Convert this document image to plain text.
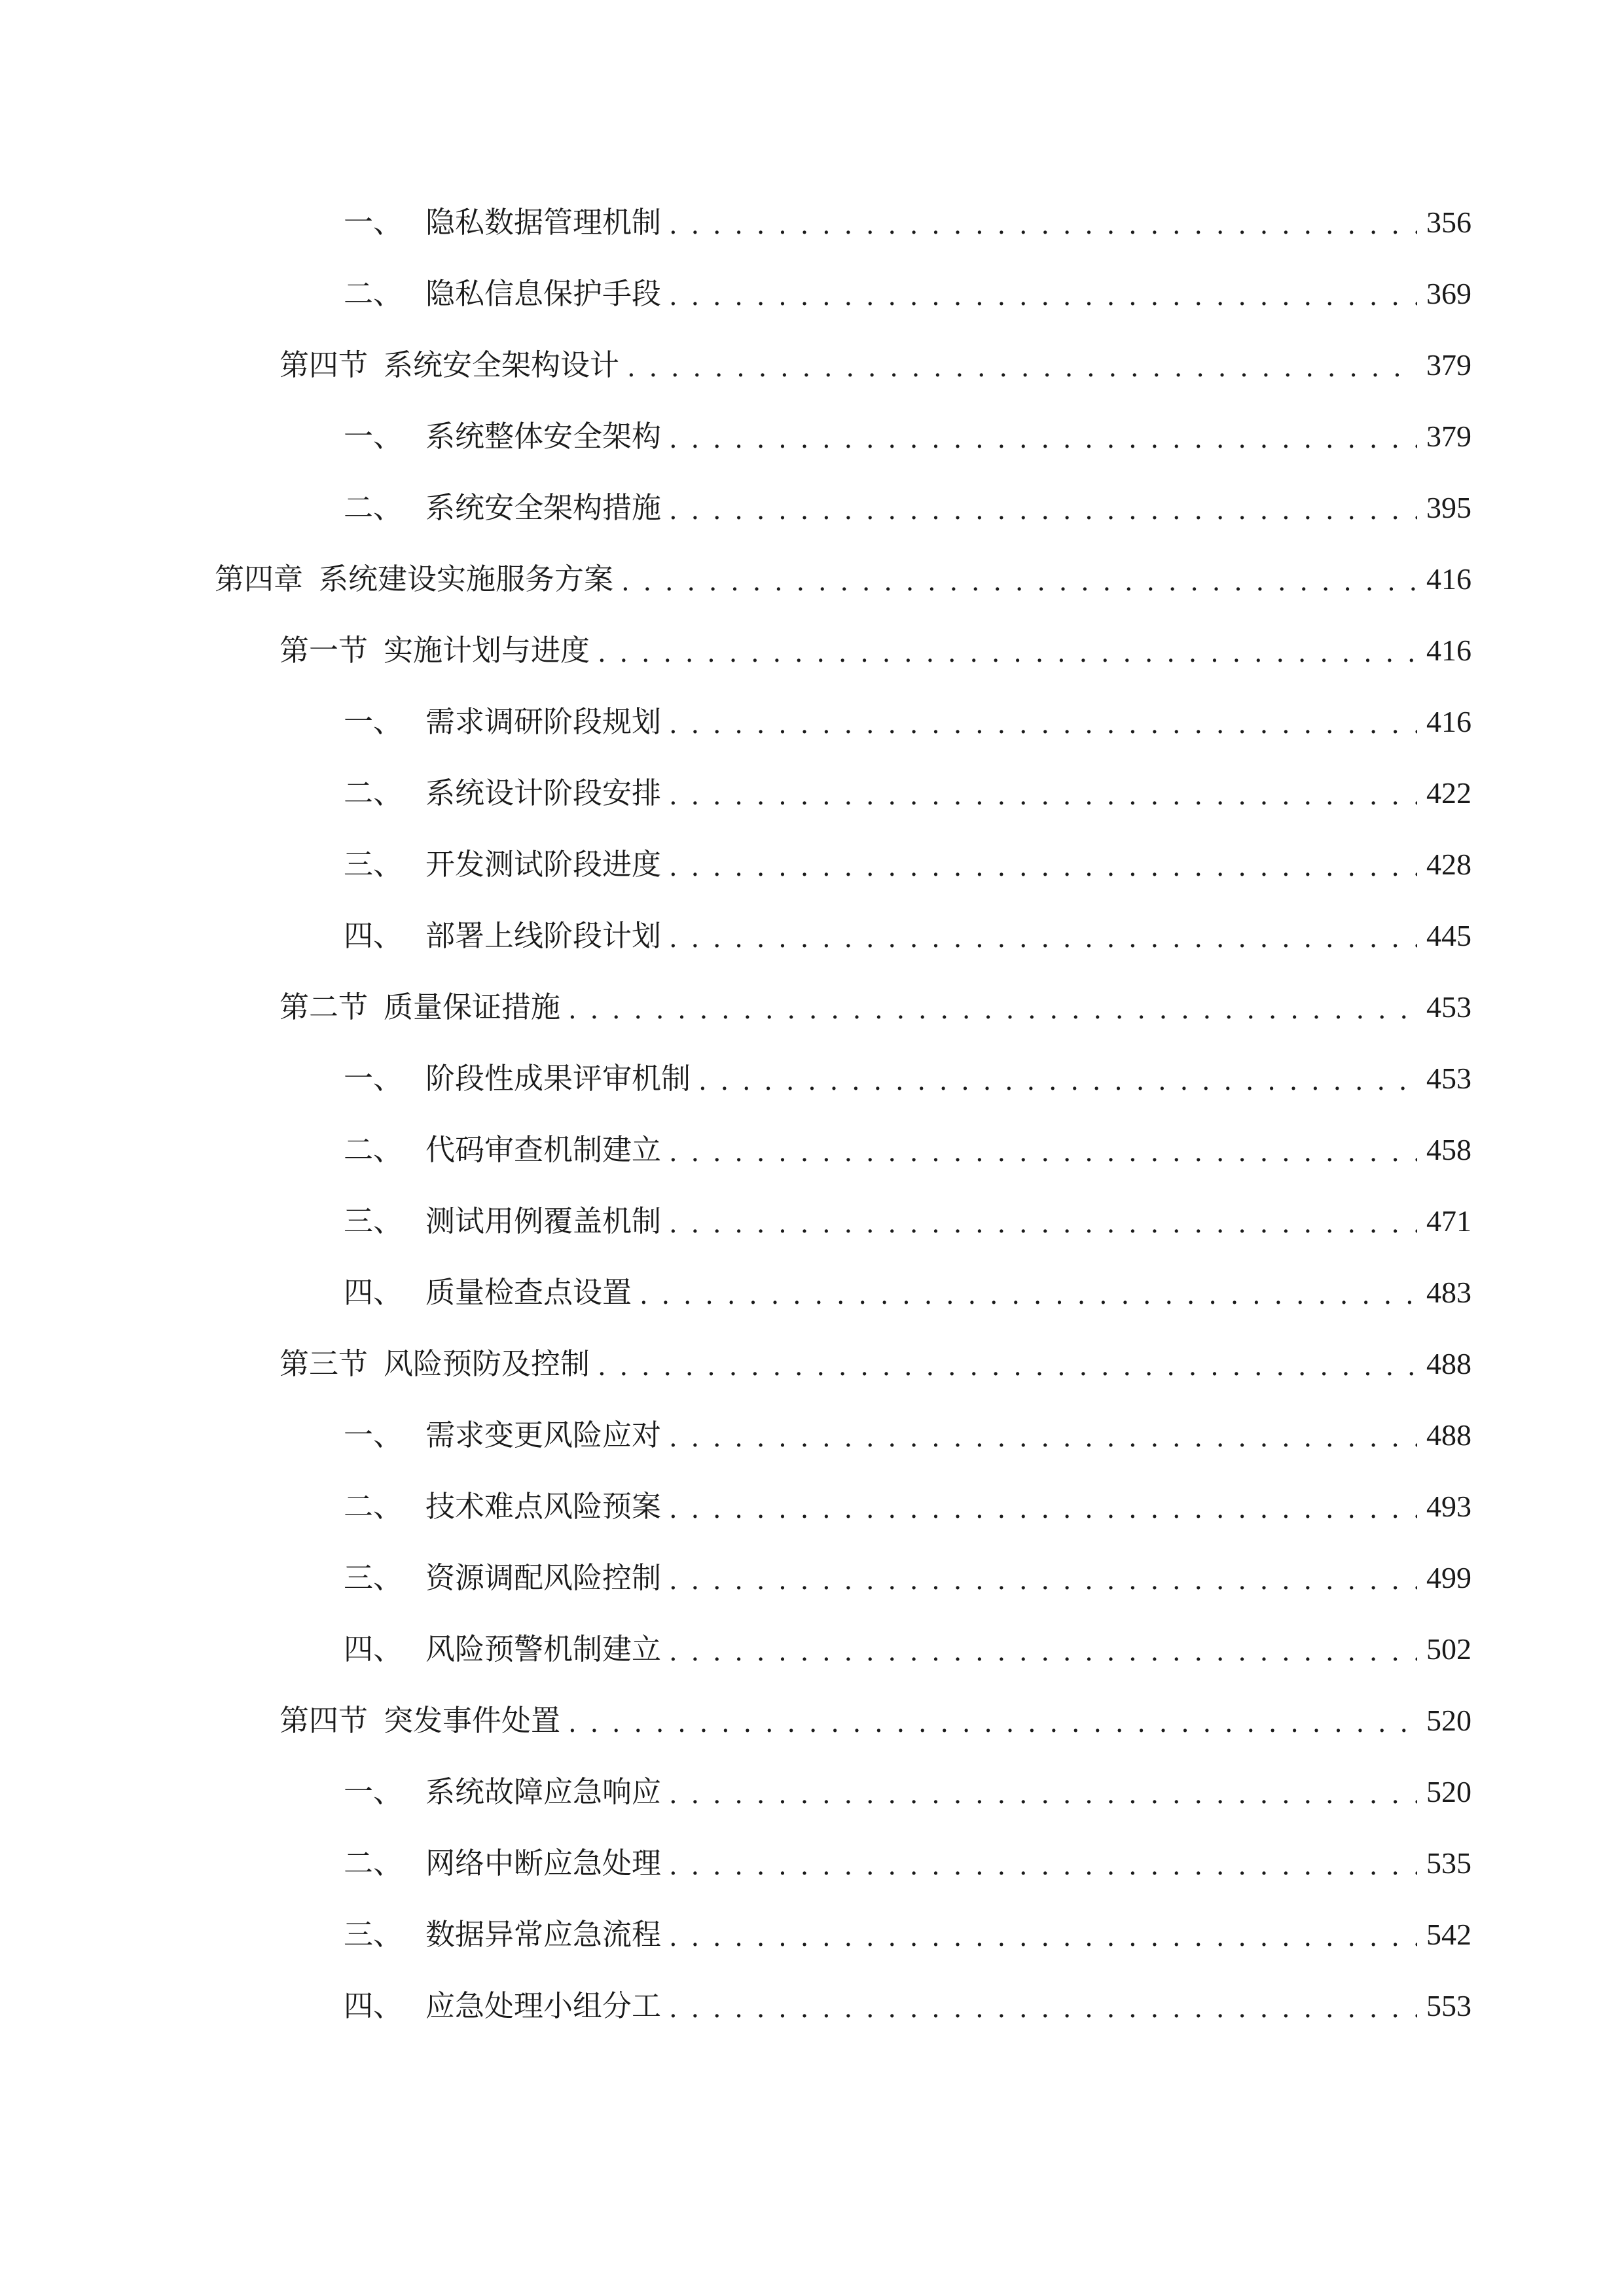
一、 隐私数据管理机制 . . .	356
二、 隐私信息保护手段 . . .	369
第四节 系统安全架构设计 . . .	379
一、 系统整体安全架构 . . .	379
二、 系统安全架构措施 . . .	395
第四章 系统建设实施服务方案 . . .	416
第一节 实施计划与进度 . . .	416
一、 需求调研阶段规划 . . .	416
二、 系统设计阶段安排 . . .	422
三、 开发测试阶段进度 . . .	428
四、 部署上线阶段计划 . . .	445
第二节 质量保证措施 . . .	453
一、 阶段性成果评审机制 . . .	453
二、 代码审查机制建立 . . .	458
三、 测试用例覆盖机制 . . .	471
四、 质量检查点设置 . . .	483
第三节 风险预防及控制 . . .	488
一、 需求变更风险应对 . . .	488
二、 技术难点风险预案 . . .	493
三、 资源调配风险控制 . . .	499
四、 风险预警机制建立 . . .	502
第四节 突发事件处置 . . .	520
一、 系统故障应急响应 . . .	520
二、 网络中断应急处理 . . .	535
三、 数据异常应急流程 . . .	542
四、 应急处理小组分工 . . .	553
